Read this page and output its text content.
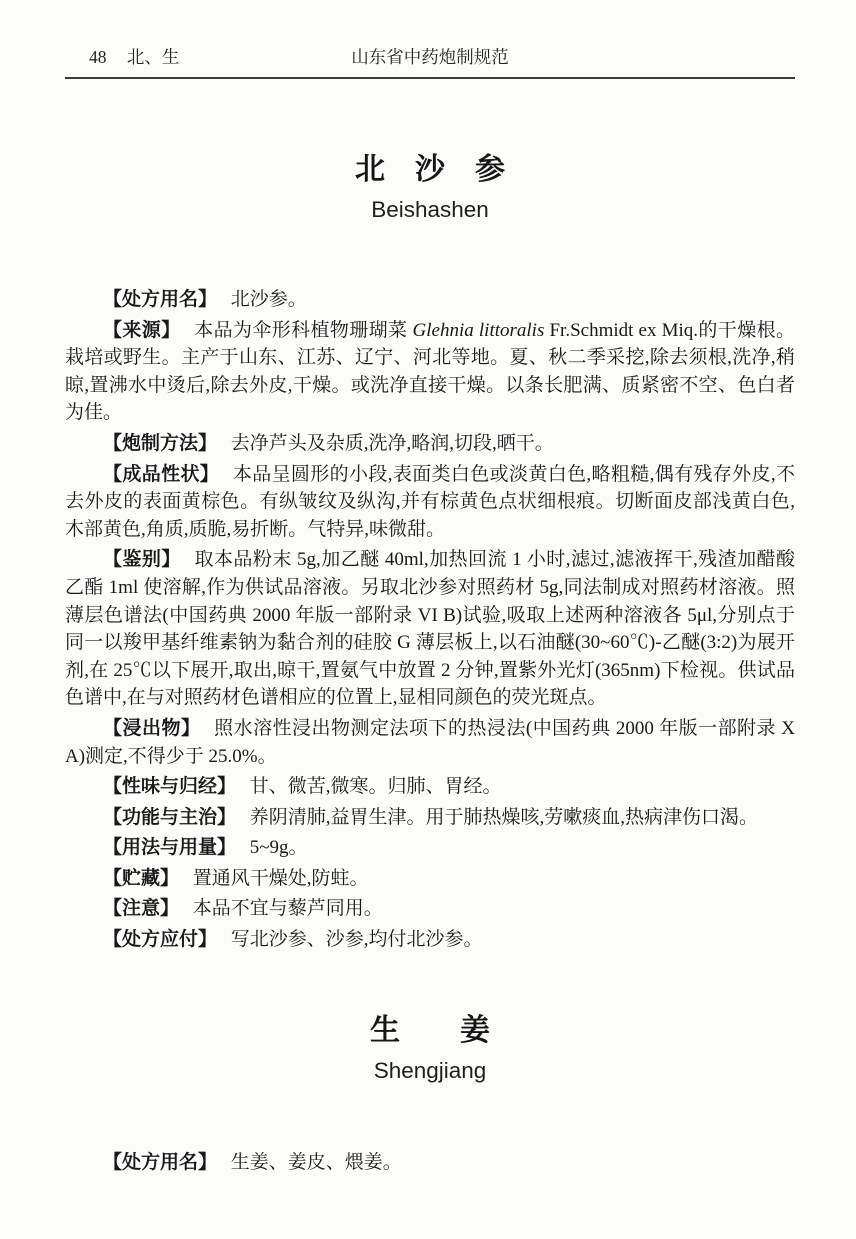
48 北、生	山东省中药炮制规范
北　沙　参
Beishashen

【处方用名】 北沙参。

【来源】 本品为伞形科植物珊瑚菜 Glehnia littoralis Fr.Schmidt ex Miq.的干燥根。栽培或野生。主产于山东、江苏、辽宁、河北等地。夏、秋二季采挖,除去须根,洗净,稍晾,置沸水中烫后,除去外皮,干燥。或洗净直接干燥。以条长肥满、质紧密不空、色白者为佳。

【炮制方法】 去净芦头及杂质,洗净,略润,切段,晒干。

【成品性状】 本品呈圆形的小段,表面类白色或淡黄白色,略粗糙,偶有残存外皮,不去外皮的表面黄棕色。有纵皱纹及纵沟,并有棕黄色点状细根痕。切断面皮部浅黄白色,木部黄色,角质,质脆,易折断。气特异,味微甜。

【鉴别】 取本品粉末 5g,加乙醚 40ml,加热回流 1 小时,滤过,滤液挥干,残渣加醋酸乙酯 1ml 使溶解,作为供试品溶液。另取北沙参对照药材 5g,同法制成对照药材溶液。照薄层色谱法(中国药典 2000 年版一部附录 VI B)试验,吸取上述两种溶液各 5μl,分别点于同一以羧甲基纤维素钠为黏合剂的硅胶 G 薄层板上,以石油醚(30~60℃)-乙醚(3:2)为展开剂,在 25℃以下展开,取出,晾干,置氨气中放置 2 分钟,置紫外光灯(365nm)下检视。供试品色谱中,在与对照药材色谱相应的位置上,显相同颜色的荧光斑点。

【浸出物】 照水溶性浸出物测定法项下的热浸法(中国药典 2000 年版一部附录 X A)测定,不得少于 25.0%。

【性味与归经】 甘、微苦,微寒。归肺、胃经。

【功能与主治】 养阴清肺,益胃生津。用于肺热燥咳,劳嗽痰血,热病津伤口渴。

【用法与用量】 5~9g。

【贮藏】 置通风干燥处,防蛀。

【注意】 本品不宜与藜芦同用。

【处方应付】 写北沙参、沙参,均付北沙参。

生　　姜
Shengjiang

【处方用名】 生姜、姜皮、煨姜。
